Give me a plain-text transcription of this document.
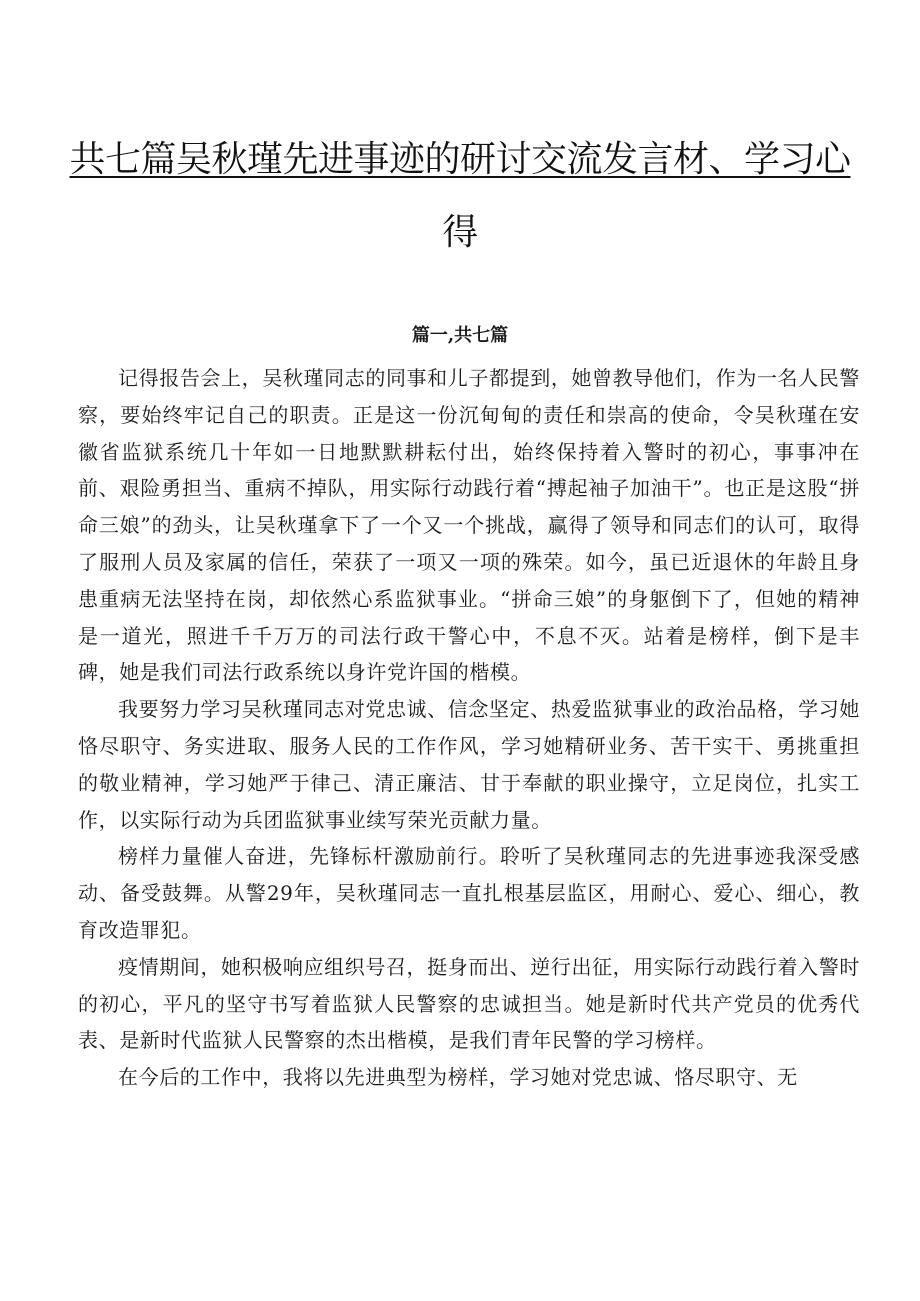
共七篇吴秋瑾先进事迹的研讨交流发言材、学习心
得
篇一,共七篇

记得报告会上，吴秋瑾同志的同事和儿子都提到，她曾教导他们，作为一名人民警察，要始终牢记自己的职责。正是这一份沉甸甸的责任和崇高的使命，令吴秋瑾在安徽省监狱系统几十年如一日地默默耕耘付出，始终保持着入警时的初心，事事冲在前、艰险勇担当、重病不掉队，用实际行动践行着“搏起袖子加油干”。也正是这股“拼命三娘”的劲头，让吴秋瑾拿下了一个又一个挑战，赢得了领导和同志们的认可，取得了服刑人员及家属的信任，荣获了一项又一项的殊荣。如今，虽已近退休的年龄且身患重病无法坚持在岗，却依然心系监狱事业。“拼命三娘”的身躯倒下了，但她的精神是一道光，照进千千万万的司法行政干警心中，不息不灭。站着是榜样，倒下是丰碑，她是我们司法行政系统以身许党许国的楷模。

我要努力学习吴秋瑾同志对党忠诚、信念坚定、热爱监狱事业的政治品格，学习她恪尽职守、务实进取、服务人民的工作作风，学习她精研业务、苦干实干、勇挑重担的敬业精神，学习她严于律己、清正廉洁、甘于奉献的职业操守，立足岗位，扎实工作，以实际行动为兵团监狱事业续写荣光贡献力量。

榜样力量催人奋进，先锋标杆激励前行。聆听了吴秋瑾同志的先进事迹我深受感动、备受鼓舞。从警29年，吴秋瑾同志一直扎根基层监区，用耐心、爱心、细心，教育改造罪犯。

疫情期间，她积极响应组织号召，挺身而出、逆行出征，用实际行动践行着入警时的初心，平凡的坚守书写着监狱人民警察的忠诚担当。她是新时代共产党员的优秀代表、是新时代监狱人民警察的杰出楷模，是我们青年民警的学习榜样。

在今后的工作中，我将以先进典型为榜样，学习她对党忠诚、恪尽职守、无
